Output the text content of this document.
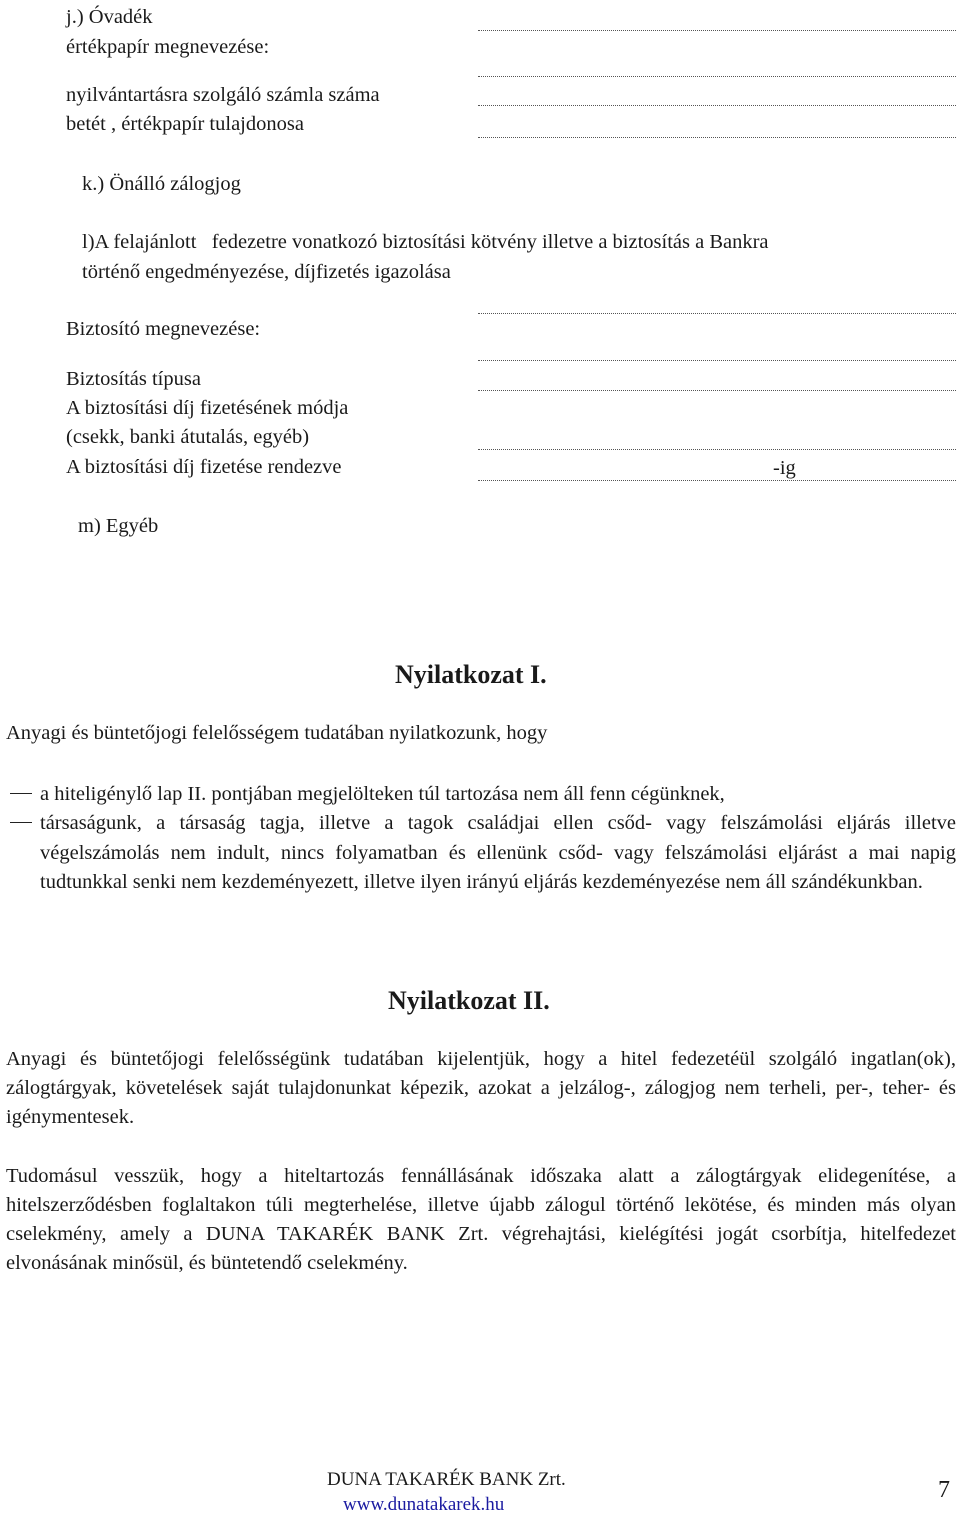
j.) Óvadék
értékpapír megnevezése:
nyilvántartásra szolgáló számla száma
betét , értékpapír tulajdonosa
k.) Önálló zálogjog
l)A felajánlott   fedezetre vonatkozó biztosítási kötvény illetve a biztosítás a Bankra
történő engedményezése, díjfizetés igazolása
Biztosító megnevezése:
Biztosítás típusa
A biztosítási díj fizetésének módja
(csekk, banki átutalás, egyéb)
A biztosítási díj fizetése rendezve	-ig
m) Egyéb
Nyilatkozat I.
Anyagi és büntetőjogi felelősségem tudatában nyilatkozunk, hogy
a hiteligénylő lap II. pontjában megjelölteken túl tartozása nem áll fenn cégünknek,
társaságunk, a társaság tagja, illetve a tagok családjai ellen csőd- vagy felszámolási eljárás illetve végelszámolás nem indult, nincs folyamatban és ellenünk csőd- vagy felszámolási eljárást a mai napig tudtunkkal senki nem kezdeményezett, illetve ilyen irányú eljárás kezdeményezése nem áll szándékunkban.
Nyilatkozat II.
Anyagi és büntetőjogi felelősségünk tudatában kijelentjük, hogy a hitel fedezetéül szolgáló ingatlan(ok), zálogtárgyak, követelések saját tulajdonunkat képezik, azokat a jelzálog-, zálogjog nem terheli, per-, teher- és igénymentesek.
Tudomásul vesszük, hogy a hiteltartozás fennállásának időszaka alatt a zálogtárgyak elidegenítése, a hitelszerződésben foglaltakon túli megterhelése, illetve újabb zálogul történő lekötése, és minden más olyan cselekmény, amely a DUNA TAKARÉK BANK Zrt. végrehajtási, kielégítési jogát csorbítja, hitelfedezet elvonásának minősül, és büntetendő cselekmény.
DUNA TAKARÉK BANK Zrt.
www.dunatakarek.hu
7
